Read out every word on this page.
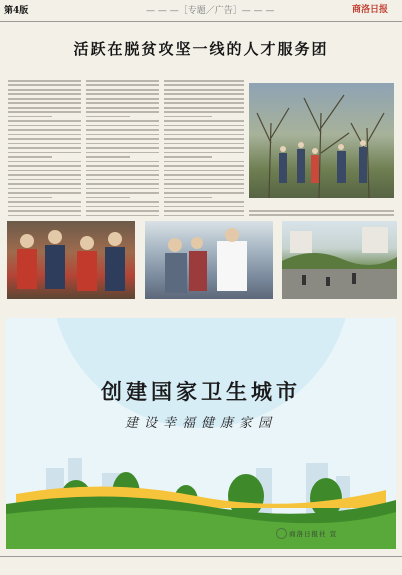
第4版	— — —［专题／广告］— — —	商洛日报
活跃在脱贫攻坚一线的人才服务团
创建国家卫生城市
建设幸福健康家园
商洛日报社 宣
